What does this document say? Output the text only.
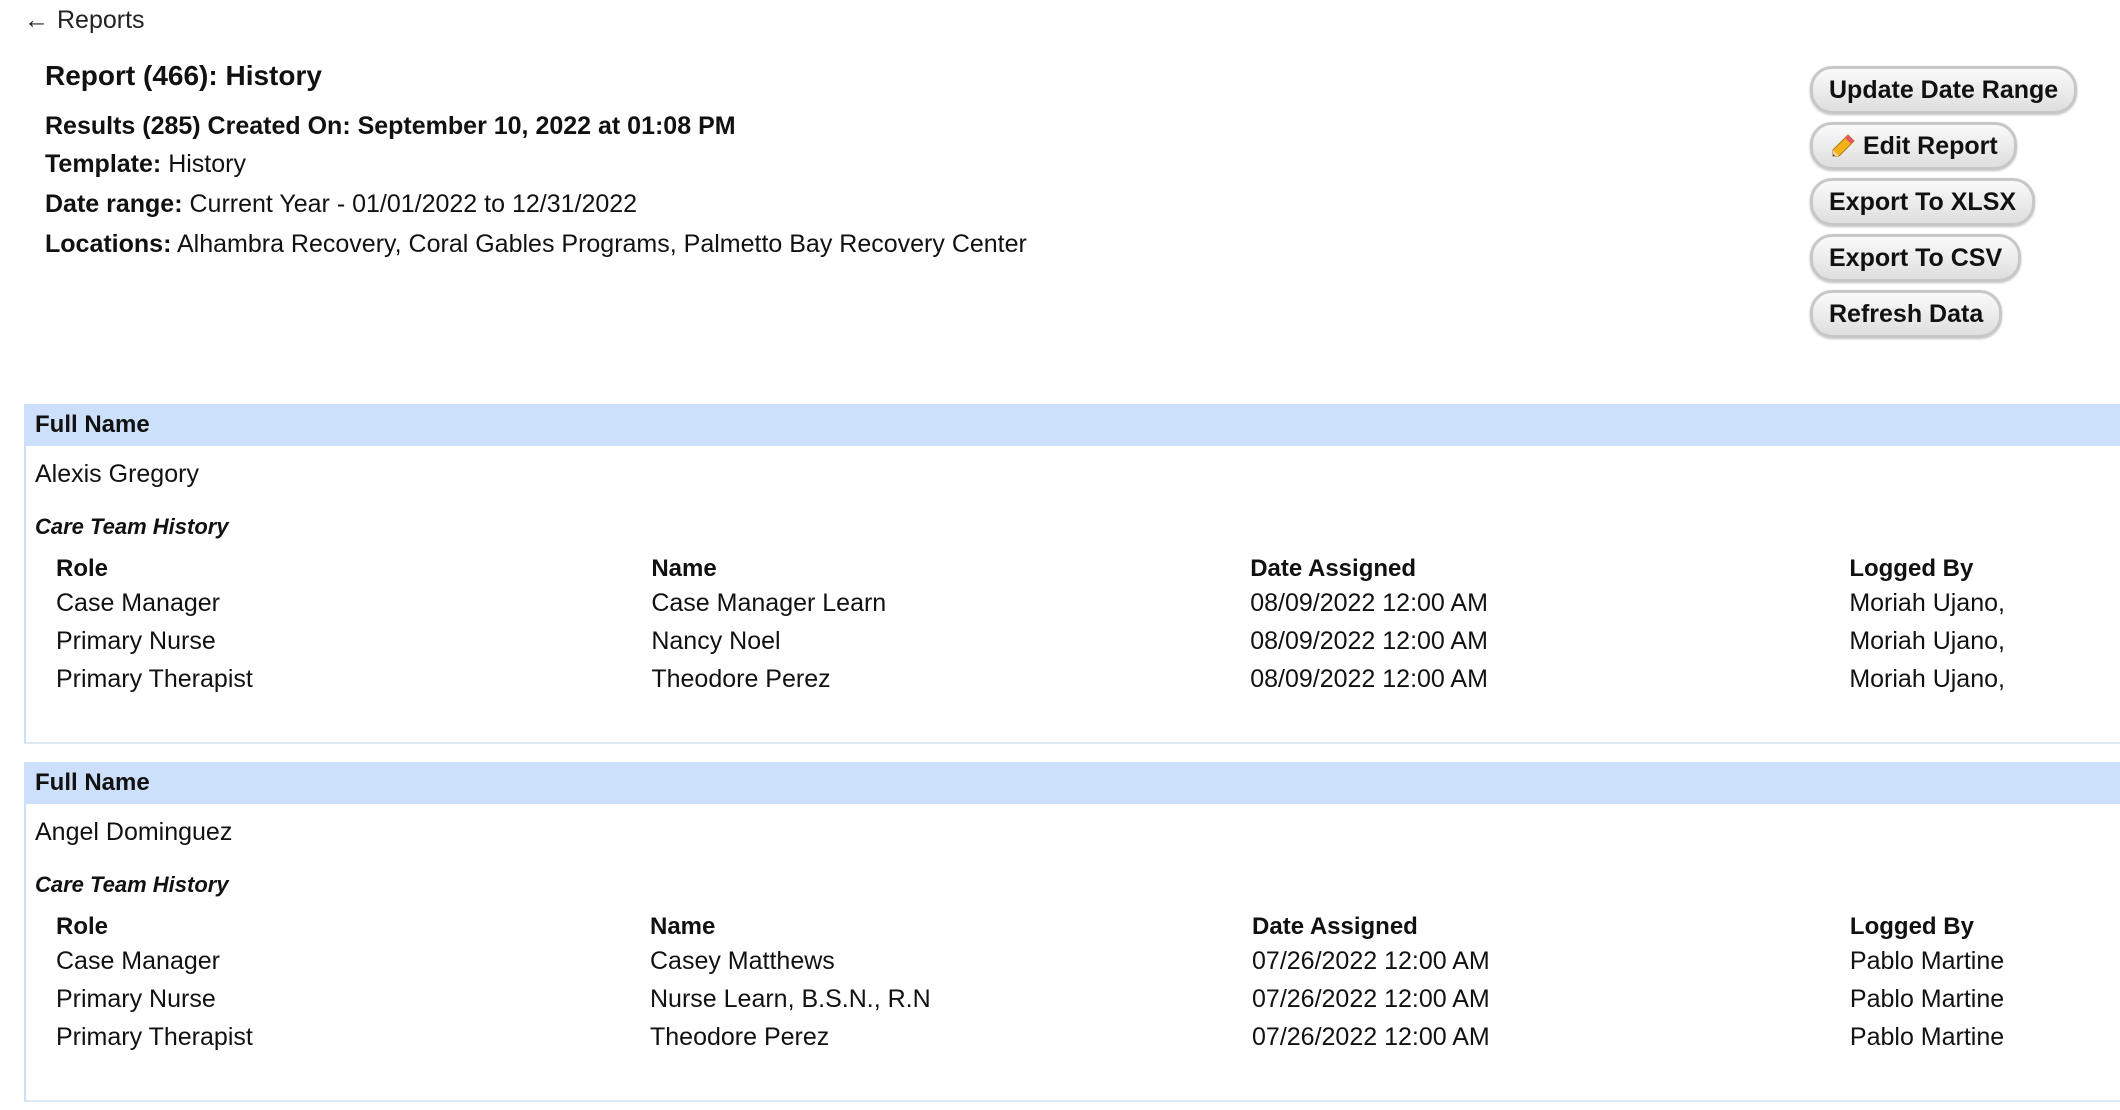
← Reports
Report (466): History
Results (285) Created On: September 10, 2022 at 01:08 PM
Template: History
Date range: Current Year - 01/01/2022 to 12/31/2022
Locations: Alhambra Recovery, Coral Gables Programs, Palmetto Bay Recovery Center
Update Date Range
Edit Report
Export To XLSX
Export To CSV
Refresh Data
Full Name
Alexis Gregory
Care Team History
Role	Name	Date Assigned	Logged By
Case Manager	Case Manager Learn	08/09/2022 12:00 AM	Moriah Ujano,
Primary Nurse	Nancy Noel	08/09/2022 12:00 AM	Moriah Ujano,
Primary Therapist	Theodore Perez	08/09/2022 12:00 AM	Moriah Ujano,
Full Name
Angel Dominguez
Care Team History
Role	Name	Date Assigned	Logged By
Case Manager	Casey Matthews	07/26/2022 12:00 AM	Pablo Martine
Primary Nurse	Nurse Learn, B.S.N., R.N	07/26/2022 12:00 AM	Pablo Martine
Primary Therapist	Theodore Perez	07/26/2022 12:00 AM	Pablo Martine
